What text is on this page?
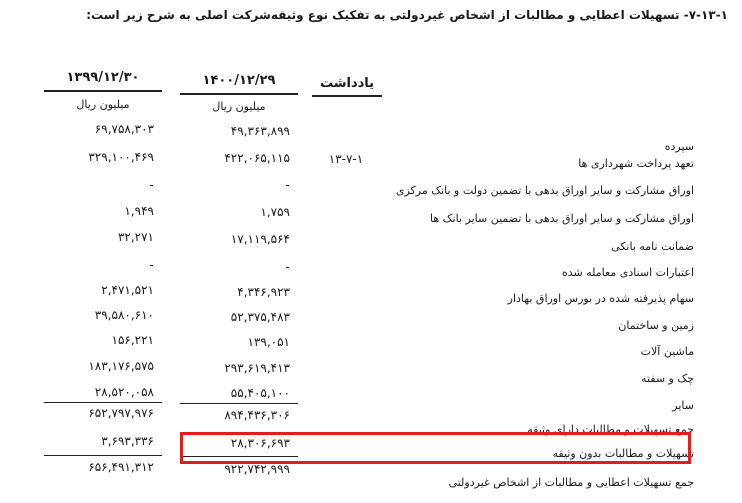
۷-۱۳-۱- تسهیلات اعطایی و مطالبات از اشخاص غیردولتی به تفکیک نوع وثیقه‌شرکت اصلی به شرح زیر است:
یادداشت
۱۴۰۰/۱۲/۲۹
میلیون ریال
۱۳۹۹/۱۲/۳۰
میلیون ریال
سپرده
۴۹,۳۶۳,۸۹۹
۶۹,۷۵۸,۳۰۳
تعهد پرداخت شهرداری ها
۱۳-۷-۱
۴۲۲,۰۶۵,۱۱۵
۳۲۹,۱۰۰,۴۶۹
اوراق مشارکت و سایر اوراق بدهی با تضمین دولت و بانک مرکزی
-
-
اوراق مشارکت و سایر اوراق بدهی با تضمین سایر بانک ها
۱,۷۵۹
۱,۹۴۹
ضمانت نامه بانکی
۱۷,۱۱۹,۵۶۴
۳۲,۲۷۱
اعتبارات اسنادی معامله شده
-
-
سهام پذیرفته شده در بورس اوراق بهادار
۴,۳۴۶,۹۲۳
۲,۴۷۱,۵۲۱
زمین و ساختمان
۵۲,۳۷۵,۴۸۳
۳۹,۵۸۰,۶۱۰
ماشین آلات
۱۳۹,۰۵۱
۱۵۶,۲۲۱
چک و سفته
۲۹۳,۶۱۹,۴۱۳
۱۸۳,۱۷۶,۵۷۵
سایر
۵۵,۴۰۵,۱۰۰
۲۸,۵۲۰,۰۵۸
جمع تسهیلات و مطالبات دارای وثیقه
۸۹۴,۴۳۶,۳۰۶
۶۵۲,۷۹۷,۹۷۶
تسهیلات و مطالبات بدون وثیقه
۲۸,۳۰۶,۶۹۳
۳,۶۹۳,۳۳۶
جمع تسهیلات اعطایی و مطالبات از اشخاص غیردولتی
۹۲۲,۷۴۲,۹۹۹
۶۵۶,۴۹۱,۳۱۲
